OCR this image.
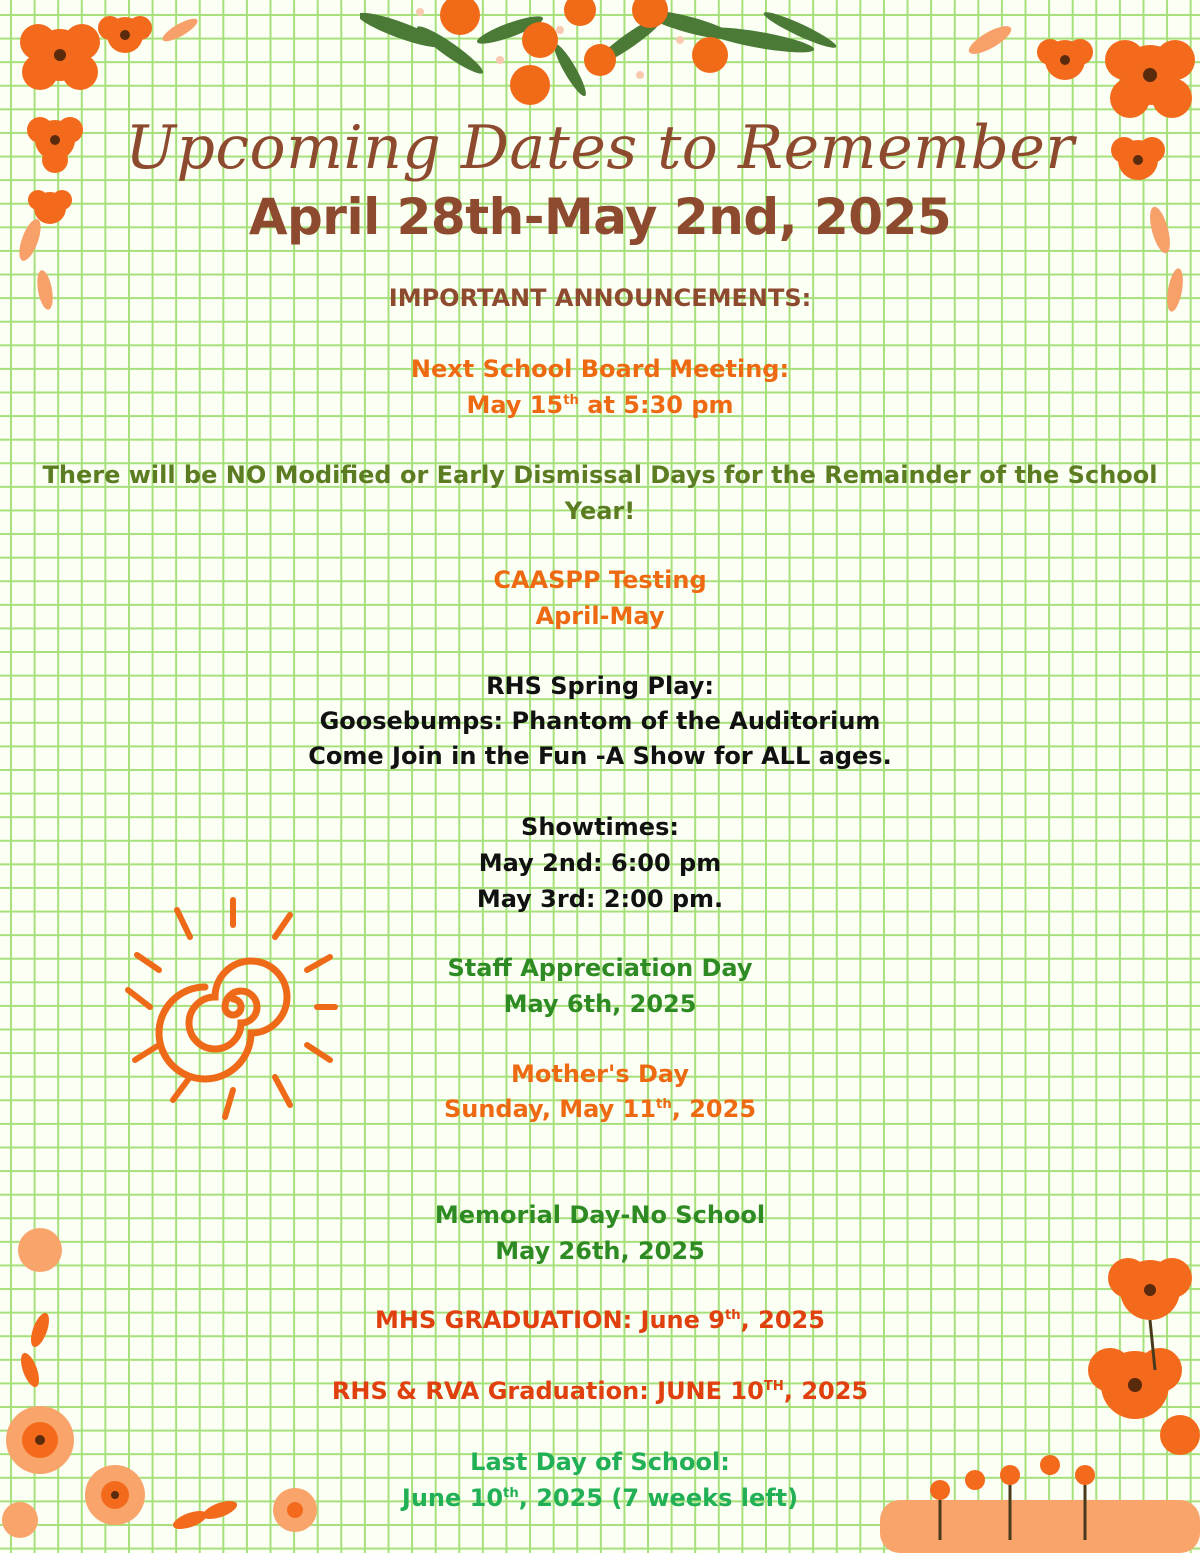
Upcoming Dates to Remember
April 28th-May 2nd, 2025
IMPORTANT ANNOUNCEMENTS:
Next School Board Meeting:
May 15th at 5:30 pm
There will be NO Modified or Early Dismissal Days for the Remainder of the School
Year!
CAASPP Testing
April-May
RHS Spring Play:
Goosebumps: Phantom of the Auditorium
Come Join in the Fun -A Show for ALL ages.
Showtimes:
May 2nd: 6:00 pm
May 3rd: 2:00 pm.
Staff Appreciation Day
May 6th, 2025
Mother's Day
Sunday, May 11th, 2025
Memorial Day-No School
May 26th, 2025
MHS GRADUATION: June 9th, 2025
RHS & RVA Graduation: JUNE 10TH, 2025
Last Day of School:
June 10th, 2025 (7 weeks left)
